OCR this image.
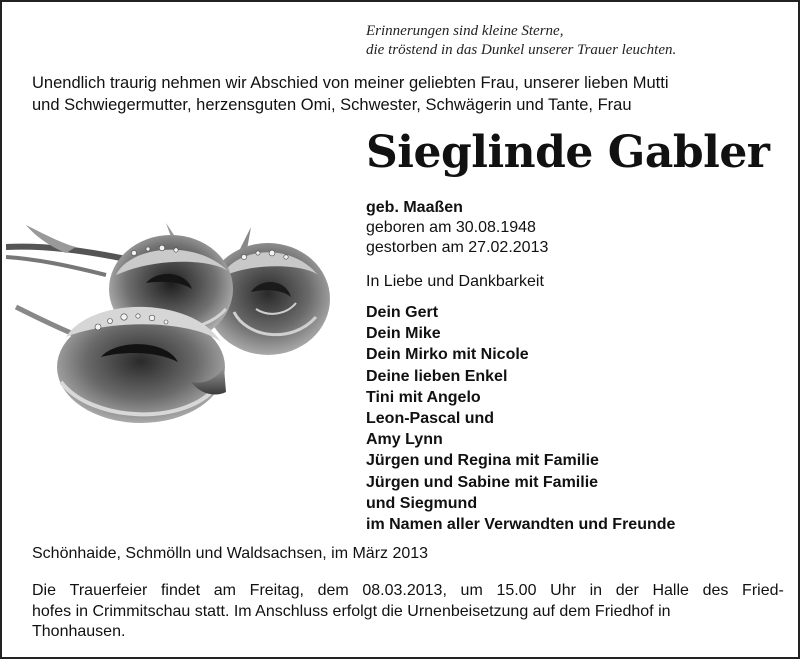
Erinnerungen sind kleine Sterne,
die tröstend in das Dunkel unserer Trauer leuchten.
Unendlich traurig nehmen wir Abschied von meiner geliebten Frau, unserer lieben Mutti
und Schwiegermutter, herzensguten Omi, Schwester, Schwägerin und Tante, Frau
Sieglinde Gabler
geb. Maaßen
geboren am 30.08.1948
gestorben am 27.02.2013
In Liebe und Dankbarkeit
Dein Gert
Dein Mike
Dein Mirko mit Nicole
Deine lieben Enkel
Tini mit Angelo
Leon-Pascal und
Amy Lynn
Jürgen und Regina mit Familie
Jürgen und Sabine mit Familie
und Siegmund
im Namen aller Verwandten und Freunde
Schönhaide, Schmölln und Waldsachsen, im März 2013
Die Trauerfeier findet am Freitag, dem 08.03.2013, um 15.00 Uhr in der Halle des Fried-
hofes in Crimmitschau statt. Im Anschluss erfolgt die Urnenbeisetzung auf dem Friedhof in
Thonhausen.
